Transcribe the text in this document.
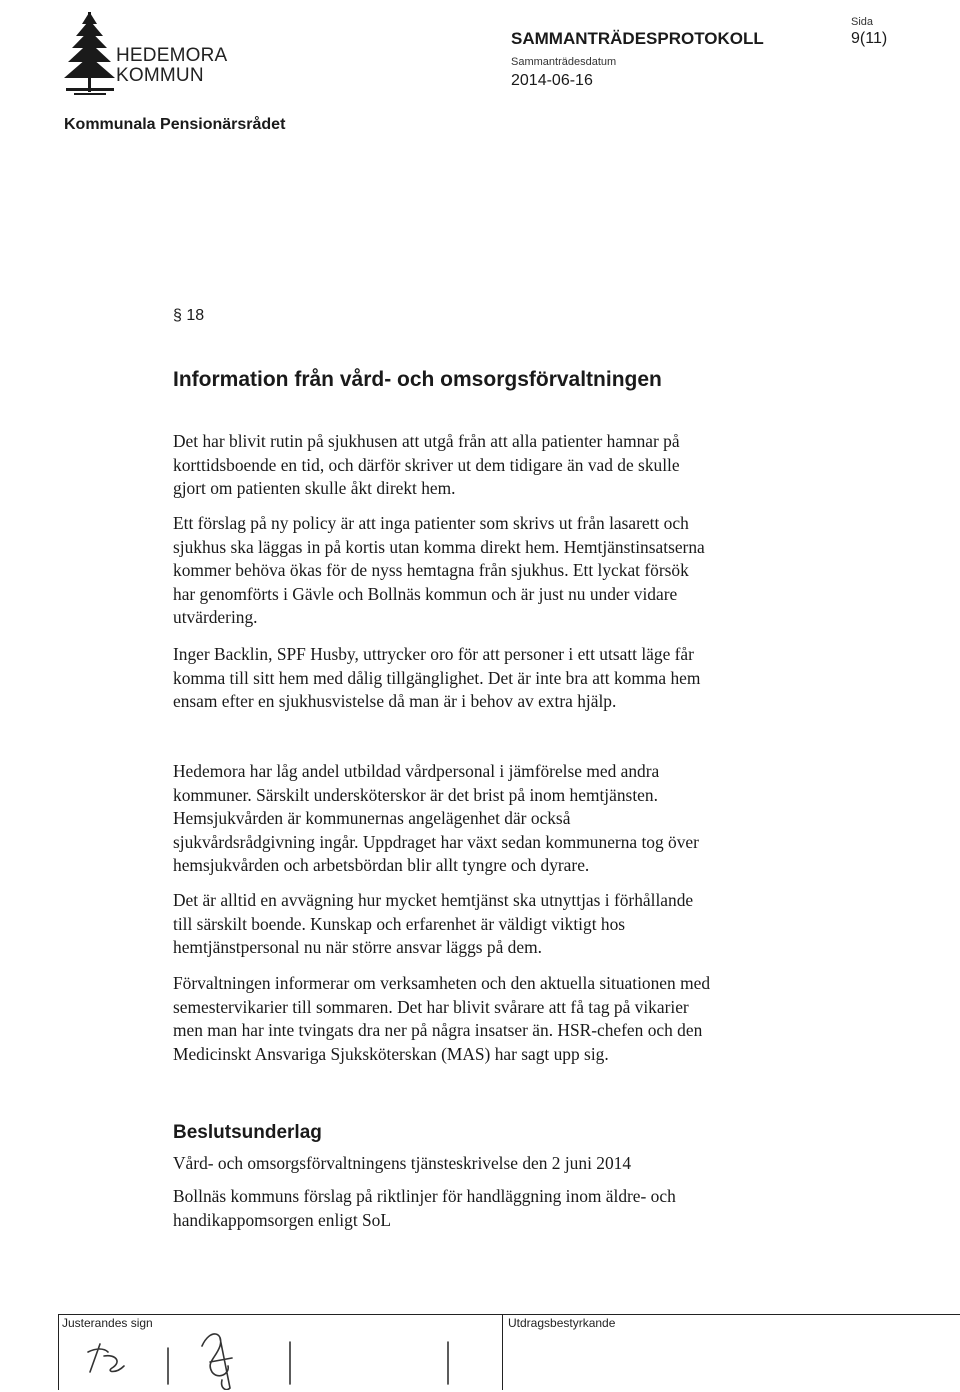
HEDEMORA
KOMMUN
SAMMANTRÄDESPROTOKOLL
Sammanträdesdatum
2014-06-16
Sida
9(11)
Kommunala Pensionärsrådet
§ 18
Information från vård- och omsorgsförvaltningen

Det har blivit rutin på sjukhusen att utgå från att alla patienter hamnar på
korttidsboende en tid, och därför skriver ut dem tidigare än vad de skulle
gjort om patienten skulle åkt direkt hem.

Ett förslag på ny policy är att inga patienter som skrivs ut från lasarett och
sjukhus ska läggas in på kortis utan komma direkt hem. Hemtjänstinsatserna
kommer behöva ökas för de nyss hemtagna från sjukhus. Ett lyckat försök
har genomförts i Gävle och Bollnäs kommun och är just nu under vidare
utvärdering.

Inger Backlin, SPF Husby, uttrycker oro för att personer i ett utsatt läge får
komma till sitt hem med dålig tillgänglighet. Det är inte bra att komma hem
ensam efter en sjukhusvistelse då man är i behov av extra hjälp.

Hedemora har låg andel utbildad vårdpersonal i jämförelse med andra
kommuner. Särskilt undersköterskor är det brist på inom hemtjänsten.
Hemsjukvården är kommunernas angelägenhet där också
sjukvårdsrådgivning ingår. Uppdraget har växt sedan kommunerna tog över
hemsjukvården och arbetsbördan blir allt tyngre och dyrare.

Det är alltid en avvägning hur mycket hemtjänst ska utnyttjas i förhållande
till särskilt boende. Kunskap och erfarenhet är väldigt viktigt hos
hemtjänstpersonal nu när större ansvar läggs på dem.

Förvaltningen informerar om verksamheten och den aktuella situationen med
semestervikarier till sommaren. Det har blivit svårare att få tag på vikarier
men man har inte tvingats dra ner på några insatser än. HSR-chefen och den
Medicinskt Ansvariga Sjuksköterskan (MAS) har sagt upp sig.

Beslutsunderlag

Vård- och omsorgsförvaltningens tjänsteskrivelse den 2 juni 2014

Bollnäs kommuns förslag på riktlinjer för handläggning inom äldre- och
handikappomsorgen enligt SoL

Justerandes sign	Utdragsbestyrkande
